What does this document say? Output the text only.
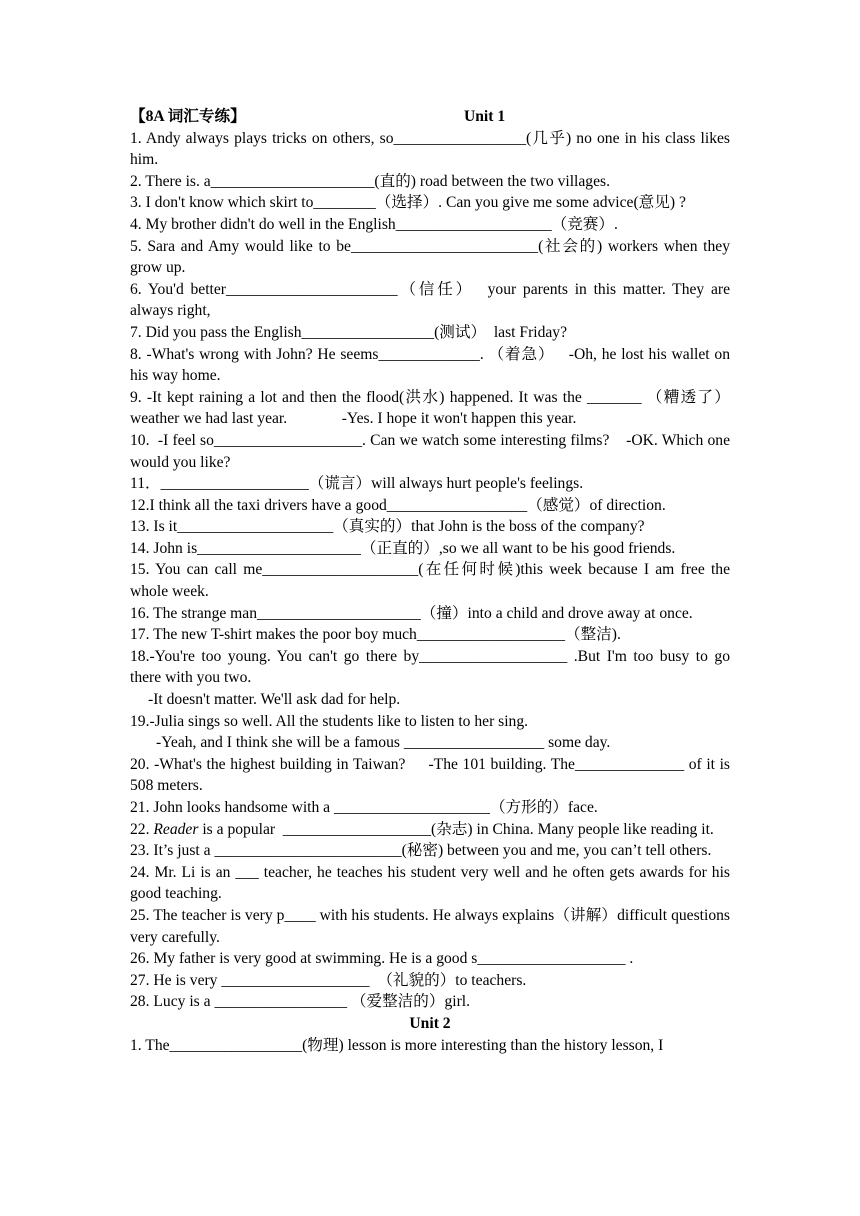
【8A 词汇专练】	Unit 1

1. Andy always plays tricks on others, so_________________(几乎) no one in his class likes him.

2. There is. a_____________________(直的) road between the two villages.

3. I don't know which skirt to________（选择）. Can you give me some advice(意见) ?

4. My brother didn't do well in the English____________________（竞赛）.

5. Sara and Amy would like to be________________________(社会的) workers when they grow up.

6. You'd better______________________（信任）  your parents in this matter. They are always right,

7. Did you pass the English_________________(测试）  last Friday?

8. -What's wrong with John? He seems_____________. （着急）   -Oh, he lost his wallet on his way home.

9. -It kept raining a lot and then the flood(洪水) happened. It was the _______ （糟透了）weather we had last year.              -Yes. I hope it won't happen this year.

10.  -I feel so___________________. Can we watch some interesting films?    -OK. Which one would you like?

11．___________________（谎言）will always hurt people's feelings.

12.I think all the taxi drivers have a good__________________（感觉）of direction.

13. Is it____________________（真实的）that John is the boss of the company?

14. John is_____________________（正直的）,so we all want to be his good friends.

15. You can call me____________________(在任何时候)this week because I am free the whole week.

16. The strange man_____________________（撞）into a child and drove away at once.

17. The new T-shirt makes the poor boy much___________________（整洁).

18.-You're too young. You can't go there by___________________ .But I'm too busy to go there with you two.

-It doesn't matter. We'll ask dad for help.

19.-Julia sings so well. All the students like to listen to her sing.

-Yeah, and I think she will be a famous __________________ some day.

20. -What's the highest building in Taiwan?     -The 101 building. The______________ of it is 508 meters.

21. John looks handsome with a ____________________（方形的）face.

22. Reader is a popular  ___________________(杂志) in China. Many people like reading it.

23. It’s just a ________________________(秘密) between you and me, you can’t tell others.

24. Mr. Li is an ___ teacher, he teaches his student very well and he often gets awards for his good teaching.

25. The teacher is very p____ with his students. He always explains（讲解）difficult questions very carefully.

26. My father is very good at swimming. He is a good s___________________ .

27. He is very ___________________  （礼貌的）to teachers.

28. Lucy is a _________________ （爱整洁的）girl.

Unit 2

1. The_________________(物理) lesson is more interesting than the history lesson, I
